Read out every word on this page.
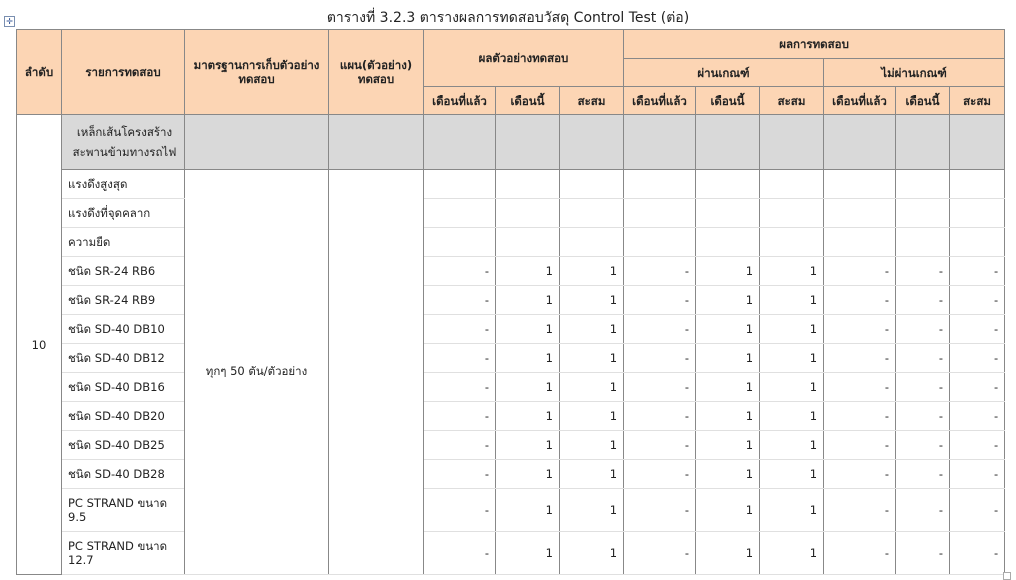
✛	ตารางที่ 3.2.3 ตารางผลการทดสอบวัสดุ Control Test (ต่อ)
ลำดับ	รายการทดสอบ	มาตรฐานการเก็บตัวอย่างทดสอบ	แผน(ตัวอย่าง) ทดสอบ	ผลตัวอย่างทดสอบ			ผลการทดสอบ					
							ผ่านเกณฑ์			ไม่ผ่านเกณฑ์		
				เดือนที่แล้ว	เดือนนี้	สะสม	เดือนที่แล้ว	เดือนนี้	สะสม	เดือนที่แล้ว	เดือนนี้	สะสม
10	เหล็กเส้นโครงสร้างสะพานข้ามทางรถไฟ											
	แรงดึงสูงสุด	ทุกๆ 50 ตัน/ตัวอย่าง										
	แรงดึงที่จุดคลาก											
	ความยืด											
	ชนิด SR-24 RB6			-	1	1	-	1	1	-	-	-
	ชนิด SR-24 RB9			-	1	1	-	1	1	-	-	-
	ชนิด SD-40 DB10			-	1	1	-	1	1	-	-	-
	ชนิด SD-40 DB12			-	1	1	-	1	1	-	-	-
	ชนิด SD-40 DB16			-	1	1	-	1	1	-	-	-
	ชนิด SD-40 DB20			-	1	1	-	1	1	-	-	-
	ชนิด SD-40 DB25			-	1	1	-	1	1	-	-	-
	ชนิด SD-40 DB28			-	1	1	-	1	1	-	-	-
	PC STRAND ขนาด 9.5			-	1	1	-	1	1	-	-	-
	PC STRAND ขนาด 12.7			-	1	1	-	1	1	-	-	-
